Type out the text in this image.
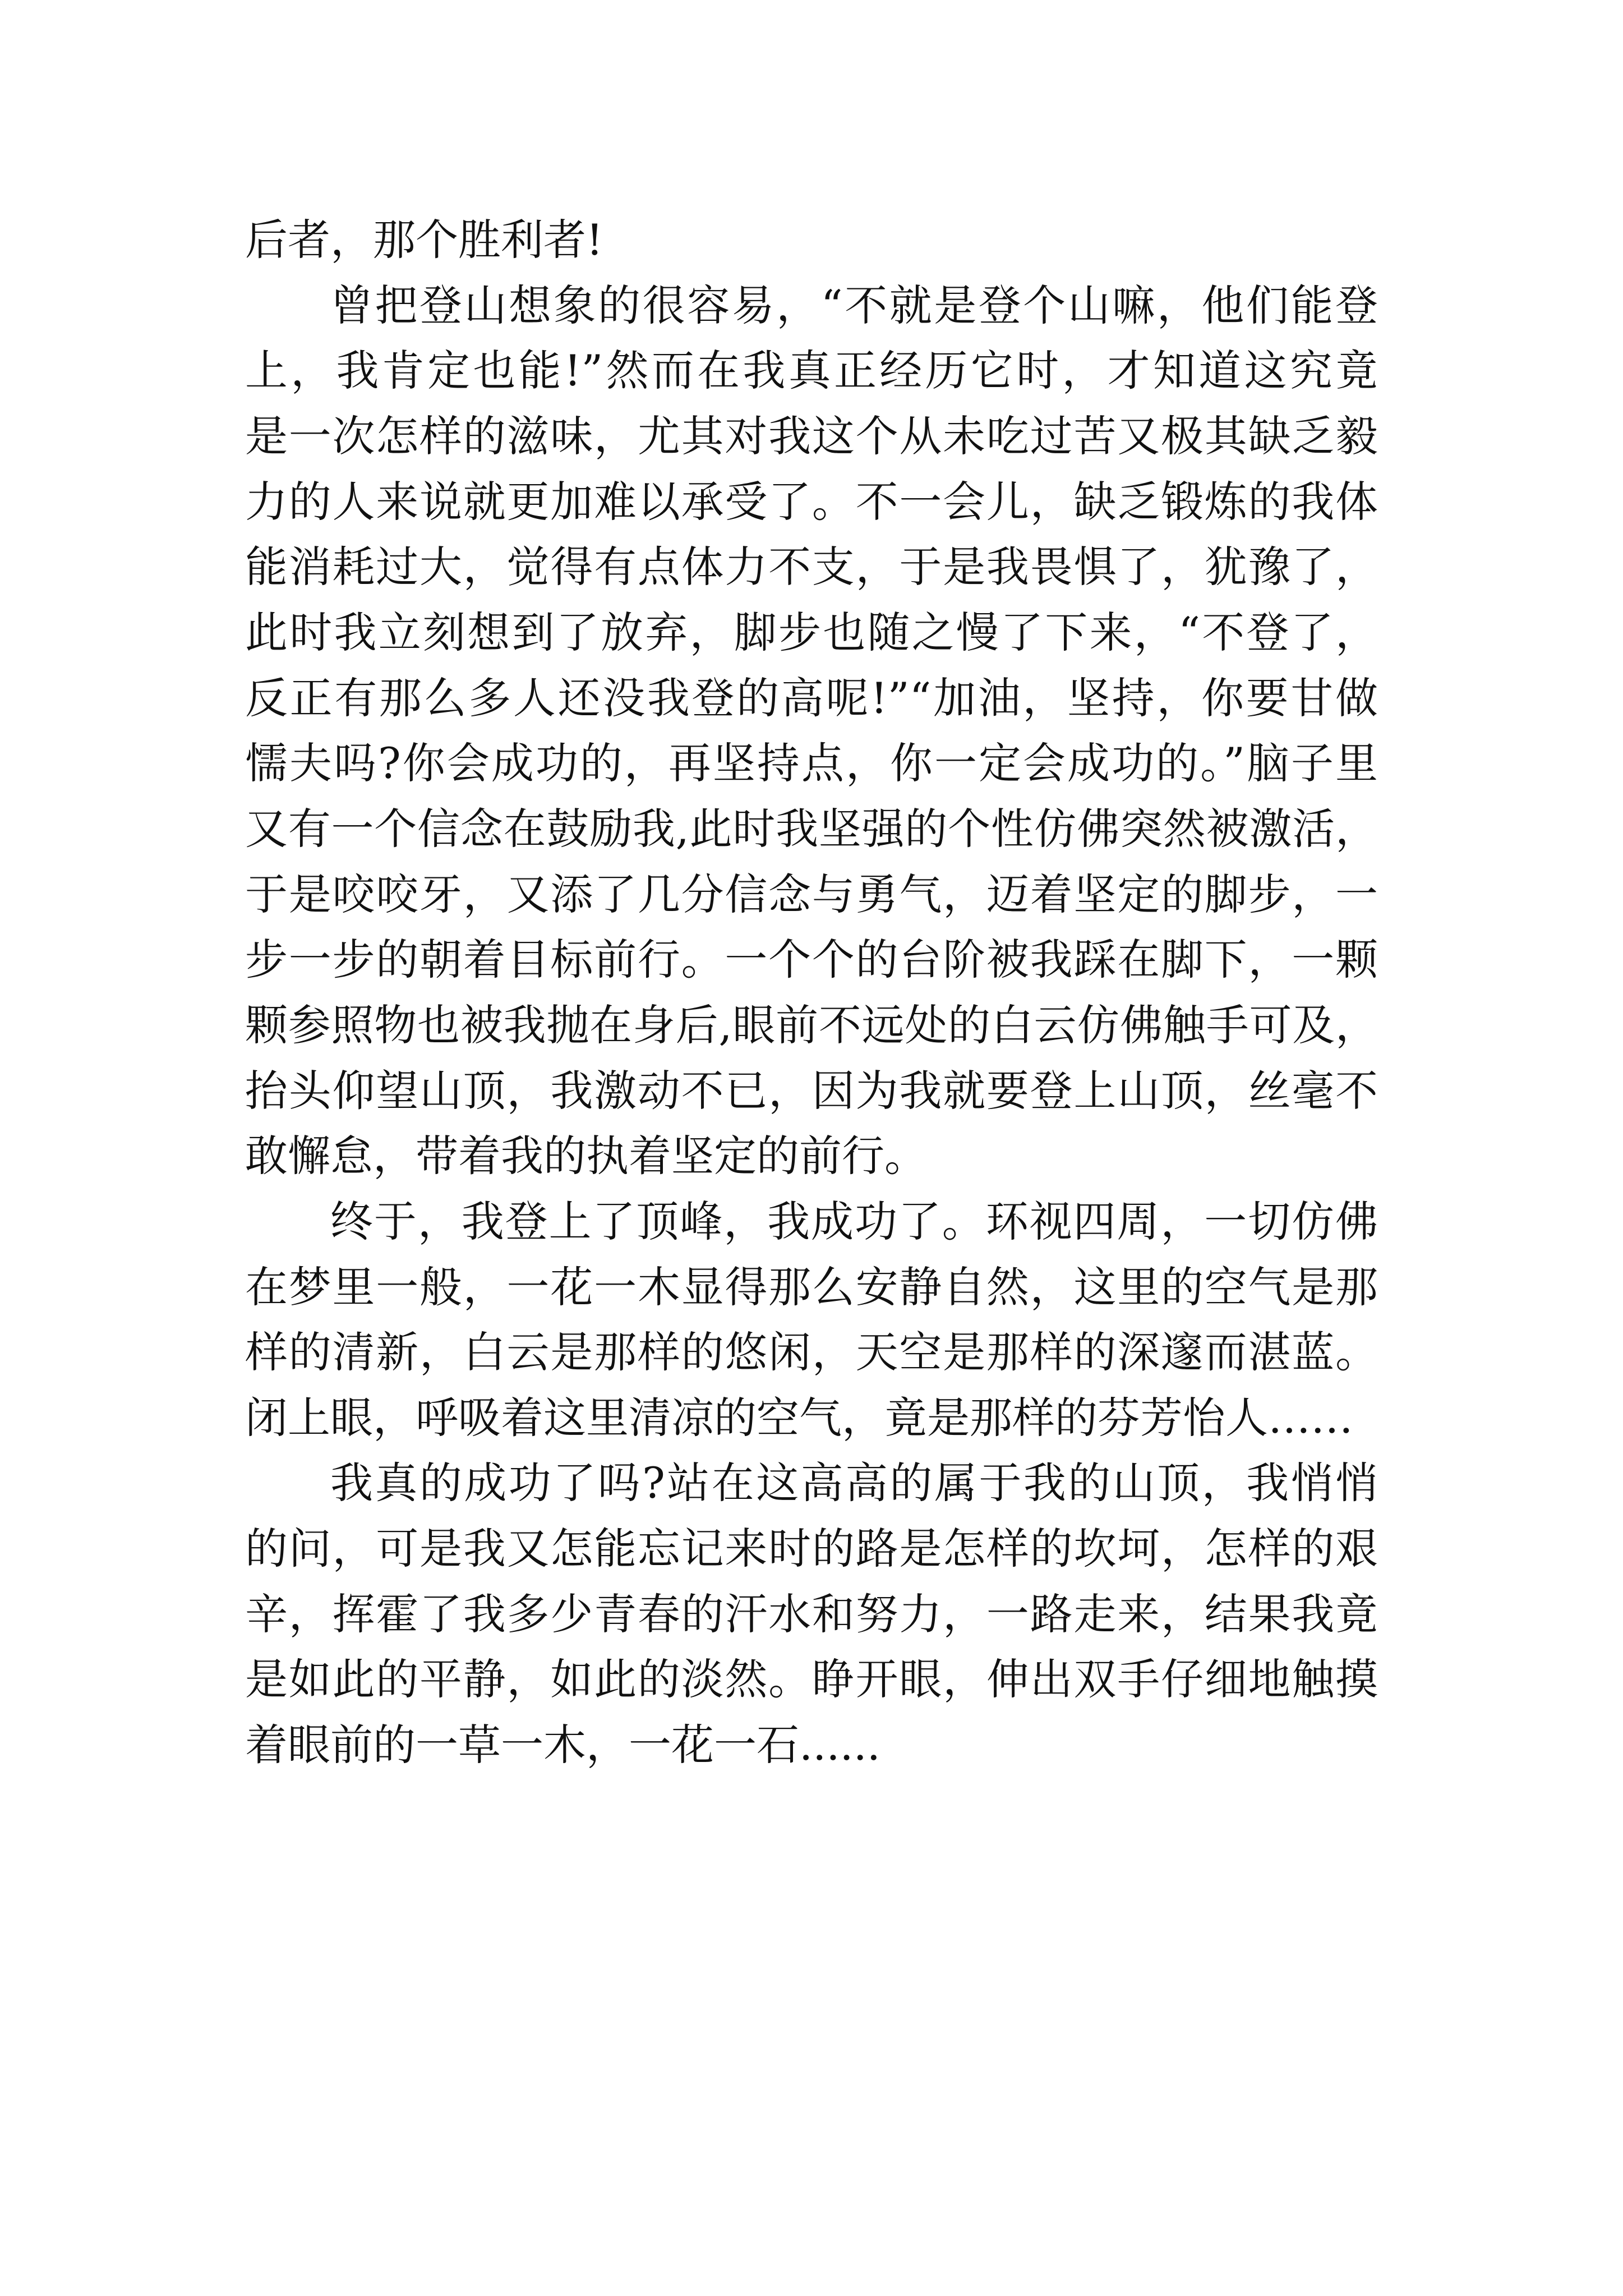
后者，那个胜利者!
曾把登山想象的很容易，“不就是登个山嘛，他们能登
上，我肯定也能!”然而在我真正经历它时，才知道这究竟
是一次怎样的滋味，尤其对我这个从未吃过苦又极其缺乏毅
力的人来说就更加难以承受了。不一会儿，缺乏锻炼的我体
能消耗过大，觉得有点体力不支，于是我畏惧了，犹豫了，
此时我立刻想到了放弃，脚步也随之慢了下来，“不登了，
反正有那么多人还没我登的高呢!”“加油，坚持，你要甘做
懦夫吗?你会成功的，再坚持点，你一定会成功的。”脑子里
又有一个信念在鼓励我,此时我坚强的个性仿佛突然被激活，
于是咬咬牙，又添了几分信念与勇气，迈着坚定的脚步，一
步一步的朝着目标前行。一个个的台阶被我踩在脚下，一颗
颗参照物也被我抛在身后,眼前不远处的白云仿佛触手可及，
抬头仰望山顶，我激动不已，因为我就要登上山顶，丝毫不
敢懈怠，带着我的执着坚定的前行。
终于，我登上了顶峰，我成功了。环视四周，一切仿佛
在梦里一般，一花一木显得那么安静自然，这里的空气是那
样的清新，白云是那样的悠闲，天空是那样的深邃而湛蓝。
闭上眼，呼吸着这里清凉的空气，竟是那样的芬芳怡人……
我真的成功了吗?站在这高高的属于我的山顶，我悄悄
的问，可是我又怎能忘记来时的路是怎样的坎坷，怎样的艰
辛，挥霍了我多少青春的汗水和努力，一路走来，结果我竟
是如此的平静，如此的淡然。睁开眼，伸出双手仔细地触摸
着眼前的一草一木，一花一石......
